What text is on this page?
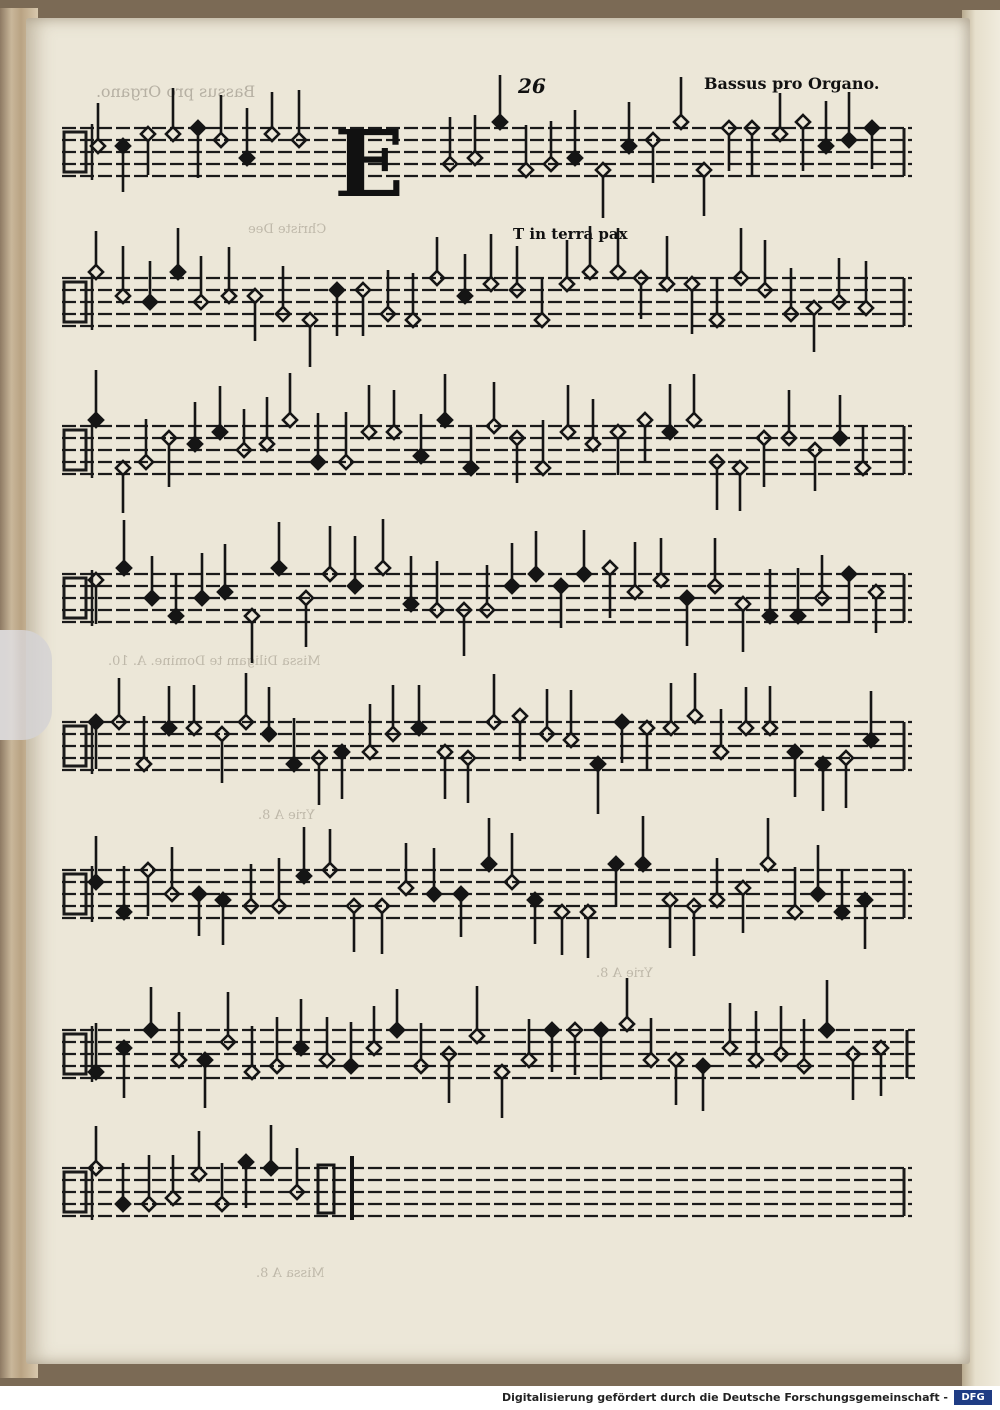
Bassus pro Organo.	26	Bassus pro Organo.
Christe Dee
Missa Diligam te Domine. A. 10.
Yrie A 8.
Yrie A 8.
Missa A 8.
E
T in terra pax
Digitalisierung gefördert durch die Deutsche Forschungsgemeinschaft -	DFG
